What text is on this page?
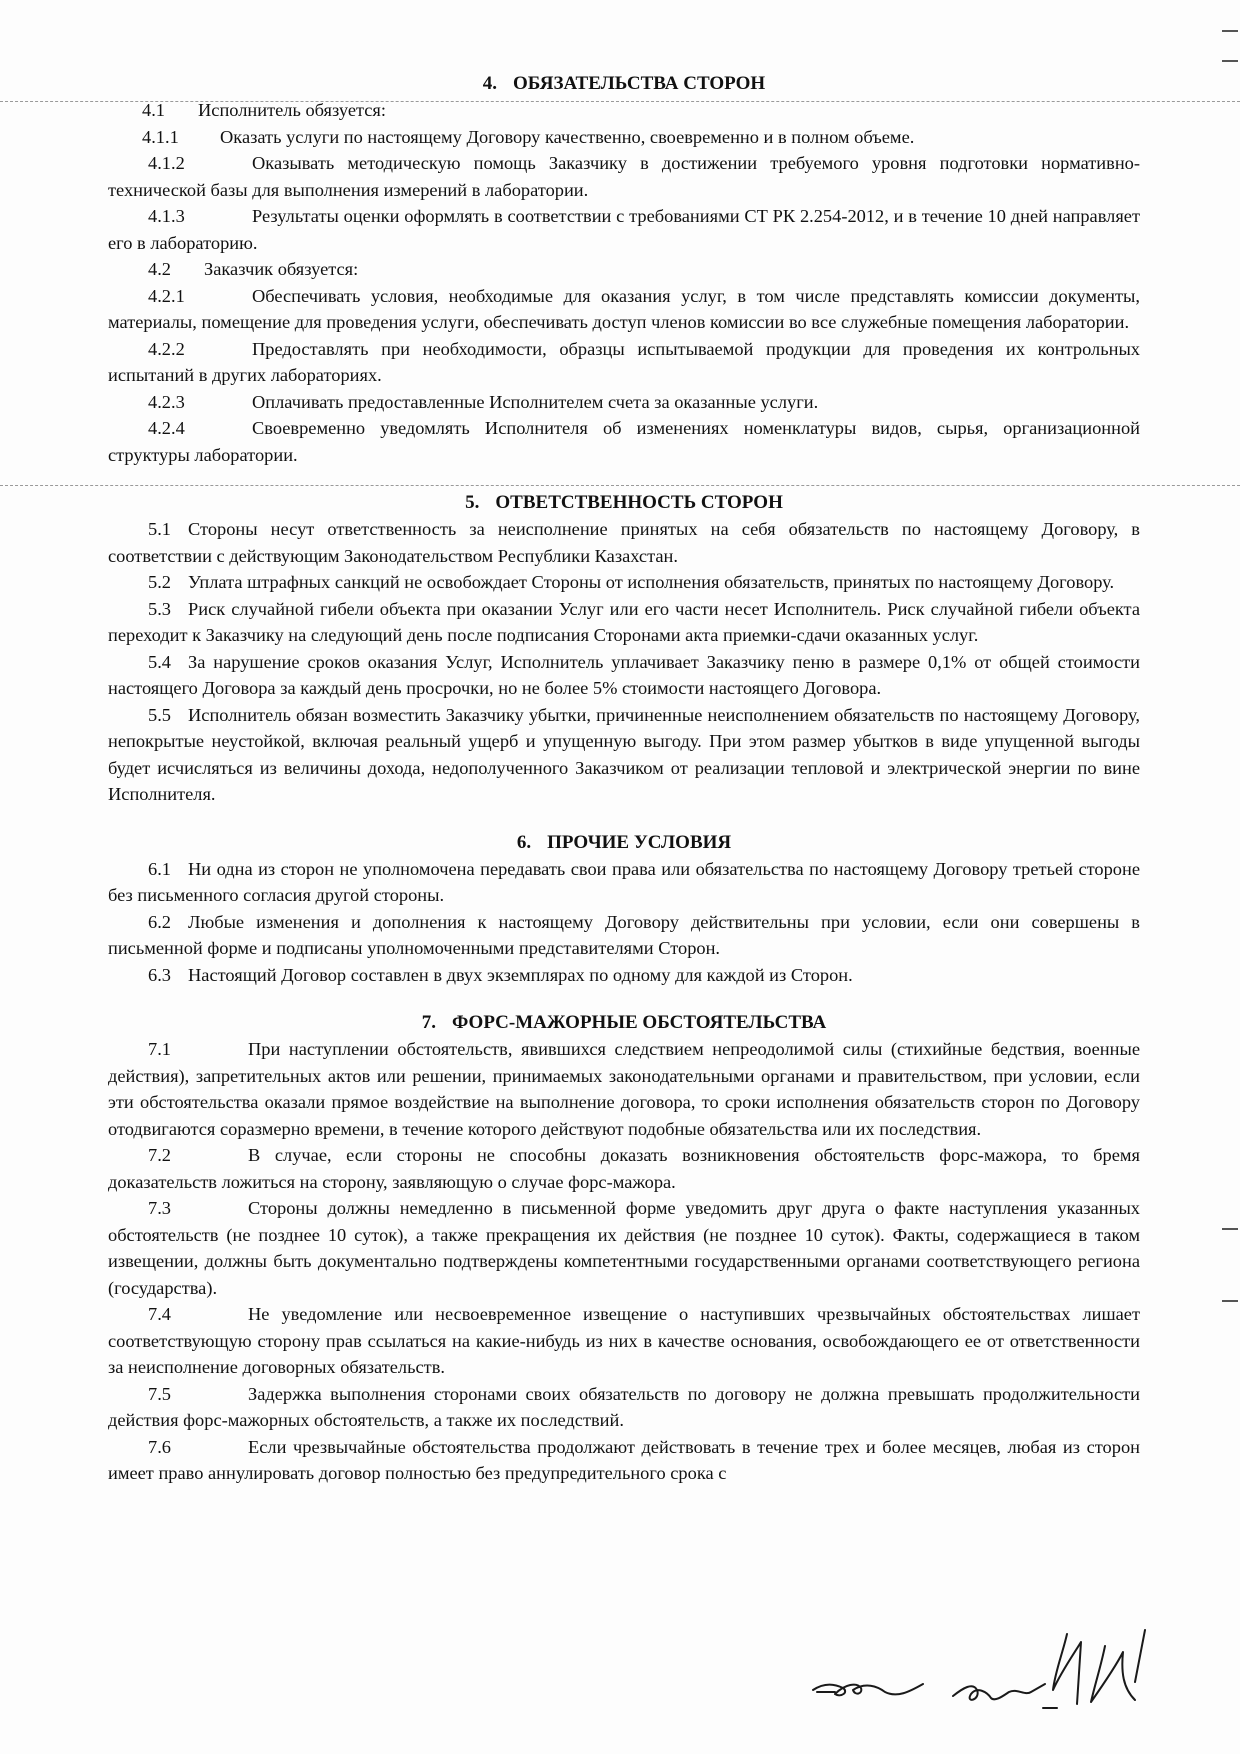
4. ОБЯЗАТЕЛЬСТВА СТОРОН

4.1 Исполнитель обязуется:

4.1.1 Оказать услуги по настоящему Договору качественно, своевременно и в полном объеме.

4.1.2	Оказывать методическую помощь Заказчику в достижении требуемого уровня подготовки нормативно-технической базы для выполнения измерений в лаборатории.

4.1.3	Результаты оценки оформлять в соответствии с требованиями СТ РК 2.254-2012, и в течение 10 дней направляет его в лабораторию.

4.2 Заказчик обязуется:

4.2.1	Обеспечивать условия, необходимые для оказания услуг, в том числе представлять комиссии документы, материалы, помещение для проведения услуги, обеспечивать доступ членов комиссии во все служебные помещения лаборатории.

4.2.2	Предоставлять при необходимости, образцы испытываемой продукции для проведения их контрольных испытаний в других лабораториях.

4.2.3	Оплачивать предоставленные Исполнителем счета за оказанные услуги.

4.2.4	Своевременно уведомлять Исполнителя об изменениях номенклатуры видов, сырья, организационной структуры лаборатории.

5. ОТВЕТСТВЕННОСТЬ СТОРОН

5.1 Стороны несут ответственность за неисполнение принятых на себя обязательств по настоящему Договору, в соответствии с действующим Законодательством Республики Казахстан.

5.2 Уплата штрафных санкций не освобождает Стороны от исполнения обязательств, принятых по настоящему Договору.

5.3 Риск случайной гибели объекта при оказании Услуг или его части несет Исполнитель. Риск случайной гибели объекта переходит к Заказчику на следующий день после подписания Сторонами акта приемки-сдачи оказанных услуг.

5.4 За нарушение сроков оказания Услуг, Исполнитель уплачивает Заказчику пеню в размере 0,1% от общей стоимости настоящего Договора за каждый день просрочки, но не более 5% стоимости настоящего Договора.

5.5 Исполнитель обязан возместить Заказчику убытки, причиненные неисполнением обязательств по настоящему Договору, непокрытые неустойкой, включая реальный ущерб и упущенную выгоду. При этом размер убытков в виде упущенной выгоды будет исчисляться из величины дохода, недополученного Заказчиком от реализации тепловой и электрической энергии по вине Исполнителя.

6. ПРОЧИЕ УСЛОВИЯ

6.1 Ни одна из сторон не уполномочена передавать свои права или обязательства по настоящему Договору третьей стороне без письменного согласия другой стороны.

6.2 Любые изменения и дополнения к настоящему Договору действительны при условии, если они совершены в письменной форме и подписаны уполномоченными представителями Сторон.

6.3 Настоящий Договор составлен в двух экземплярах по одному для каждой из Сторон.

7. ФОРС-МАЖОРНЫЕ ОБСТОЯТЕЛЬСТВА

7.1	При наступлении обстоятельств, явившихся следствием непреодолимой силы (стихийные бедствия, военные действия), запретительных актов или решении, принимаемых законодательными органами и правительством, при условии, если эти обстоятельства оказали прямое воздействие на выполнение договора, то сроки исполнения обязательств сторон по Договору отодвигаются соразмерно времени, в течение которого действуют подобные обязательства или их последствия.

7.2	В случае, если стороны не способны доказать возникновения обстоятельств форс-мажора, то бремя доказательств ложиться на сторону, заявляющую о случае форс-мажора.

7.3	Стороны должны немедленно в письменной форме уведомить друг друга о факте наступления указанных обстоятельств (не позднее 10 суток), а также прекращения их действия (не позднее 10 суток). Факты, содержащиеся в таком извещении, должны быть документально подтверждены компетентными государственными органами соответствующего региона (государства).

7.4	Не уведомление или несвоевременное извещение о наступивших чрезвычайных обстоятельствах лишает соответствующую сторону прав ссылаться на какие-нибудь из них в качестве основания, освобождающего ее от ответственности за неисполнение договорных обязательств.

7.5	Задержка выполнения сторонами своих обязательств по договору не должна превышать продолжительности действия форс-мажорных обстоятельств, а также их последствий.

7.6	Если чрезвычайные обстоятельства продолжают действовать в течение трех и более месяцев, любая из сторон имеет право аннулировать договор полностью без предупредительного срока с
